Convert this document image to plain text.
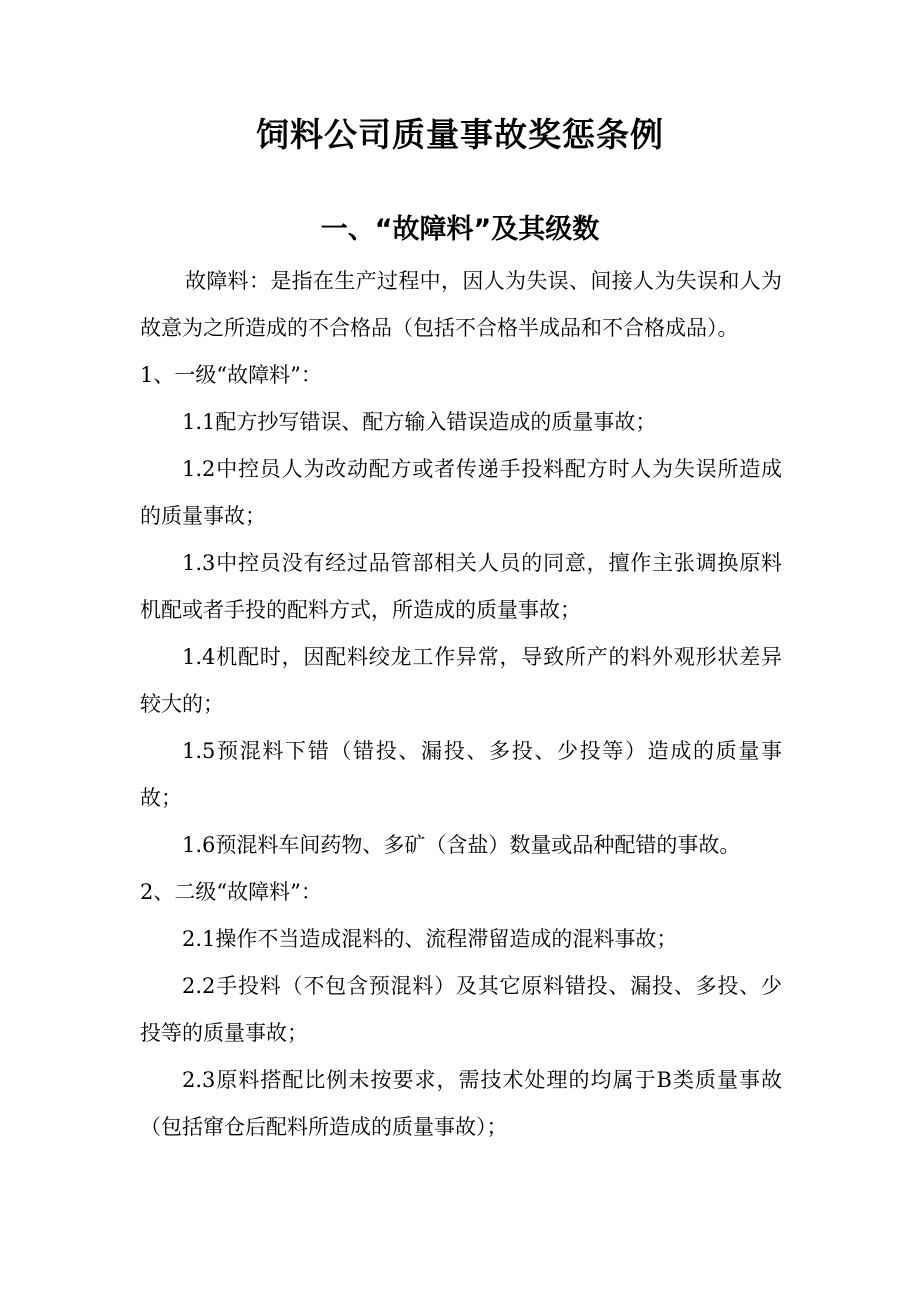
饲料公司质量事故奖惩条例
一、“故障料”及其级数

故障料：是指在生产过程中，因人为失误、间接人为失误和人为故意为之所造成的不合格品（包括不合格半成品和不合格成品）。

1、一级“故障料”：

1.1配方抄写错误、配方输入错误造成的质量事故；

1.2中控员人为改动配方或者传递手投料配方时人为失误所造成的质量事故；

1.3中控员没有经过品管部相关人员的同意，擅作主张调换原料机配或者手投的配料方式，所造成的质量事故；

1.4机配时，因配料绞龙工作异常，导致所产的料外观形状差异较大的；

1.5预混料下错（错投、漏投、多投、少投等）造成的质量事故；

1.6预混料车间药物、多矿（含盐）数量或品种配错的事故。

2、二级“故障料”：

2.1操作不当造成混料的、流程滞留造成的混料事故；

2.2手投料（不包含预混料）及其它原料错投、漏投、多投、少投等的质量事故；

2.3原料搭配比例未按要求，需技术处理的均属于B类质量事故（包括窜仓后配料所造成的质量事故）；
